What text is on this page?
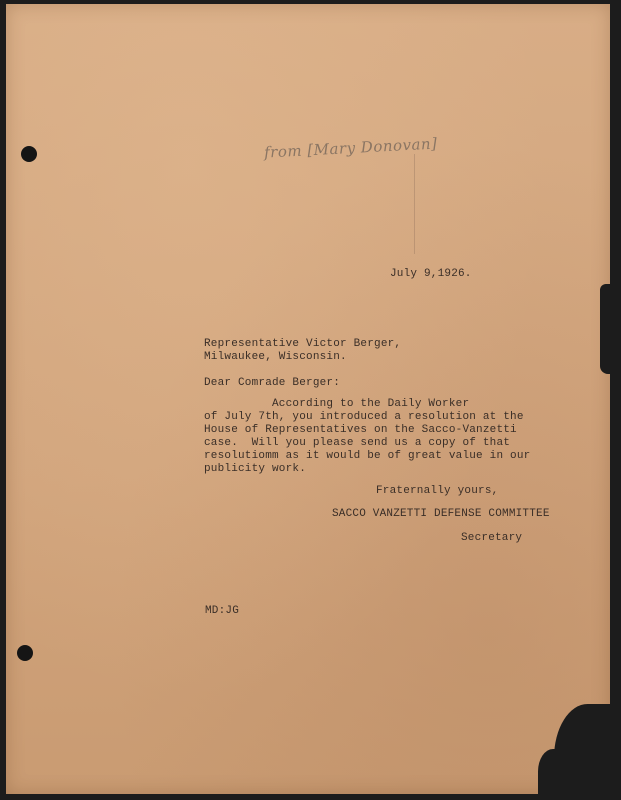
from [Mary Donovan]
July 9,1926.
Representative Victor Berger,
Milwaukee, Wisconsin.
Dear Comrade Berger:
According to the Daily Worker
of July 7th, you introduced a resolution at the
House of Representatives on the Sacco-Vanzetti
case.  Will you please send us a copy of that
resolutiomm as it would be of great value in our
publicity work.
Fraternally yours,
SACCO VANZETTI DEFENSE COMMITTEE
Secretary
MD:JG
